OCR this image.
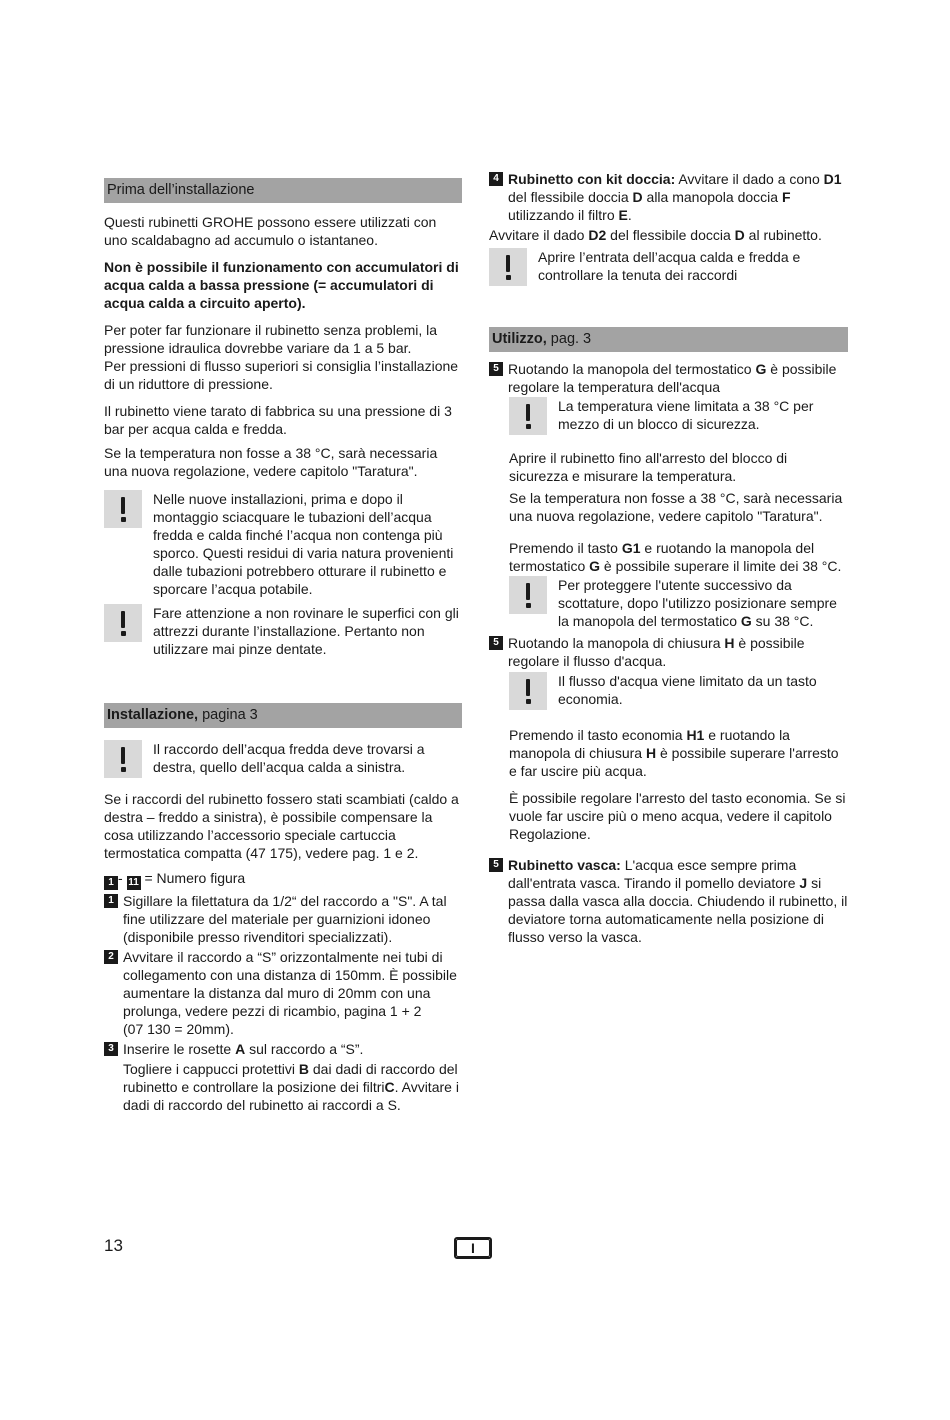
Prima dell’installazione

Questi rubinetti GROHE possono essere utilizzati con uno scaldabagno ad accumulo o istantaneo.

Non è possibile il funzionamento con accumulatori di acqua calda a bassa pressione (= accumulatori di acqua calda a circuito aperto).

Per poter far funzionare il rubinetto senza problemi, la pressione idraulica dovrebbe variare da 1 a 5 bar.

Per pressioni di flusso superiori si consiglia l’installazione di un riduttore di pressione.

Il rubinetto viene tarato di fabbrica su una pressione di 3 bar per acqua calda e fredda.

Se la temperatura non fosse a 38 °C, sarà necessaria una nuova regolazione, vedere capitolo "Taratura".

Nelle nuove installazioni, prima e dopo il montaggio sciacquare le tubazioni dell’acqua fredda e calda finché l’acqua non contenga più sporco. Questi residui di varia natura provenienti dalle tubazioni potrebbero otturare il rubinetto e sporcare l’acqua potabile.

Fare attenzione a non rovinare le superfici con gli attrezzi durante l’installazione. Pertanto non utilizzare mai pinze dentate.

Installazione, pagina 3

Il raccordo dell’acqua fredda deve trovarsi a destra, quello dell’acqua calda a sinistra.

Se i raccordi del rubinetto fossero stati scambiati (caldo a destra – freddo a sinistra), è possibile compensare la cosa utilizzando l’accessorio speciale cartuccia termostatica compatta (47 175), vedere pag. 1 e 2.

1 - 11 = Numero figura

1 Sigillare la filettatura da 1/2“ del raccordo a "S". A tal fine utilizzare del materiale per guarnizioni idoneo (disponibile presso rivenditori specializzati).

2 Avvitare il raccordo a “S” orizzontalmente nei tubi di collegamento con una distanza di 150mm. È possibile aumentare la distanza dal muro di 20mm con una prolunga, vedere pezzi di ricambio, pagina 1 + 2

(07 130 = 20mm).

3 Inserire le rosette A sul raccordo a “S”.

Togliere i cappucci protettivi B dai dadi di raccordo del rubinetto e controllare la posizione dei filtriC. Avvitare i dadi di raccordo del rubinetto ai raccordi a S.

4 Rubinetto con kit doccia: Avvitare il dado a cono D1 del flessibile doccia D alla manopola doccia F utilizzando il filtro E.

Avvitare il dado D2 del flessibile doccia D al rubinetto.

Aprire l’entrata dell’acqua calda e fredda e controllare la tenuta dei raccordi

Utilizzo, pag. 3
5 Ruotando la manopola del termostatico G è possibile regolare la temperatura dell'acqua

La temperatura viene limitata a 38 °C per mezzo di un blocco di sicurezza.

Aprire il rubinetto fino all'arresto del blocco di sicurezza e misurare la temperatura.

Se la temperatura non fosse a 38 °C, sarà necessaria una nuova regolazione, vedere capitolo "Taratura".

Premendo il tasto G1 e ruotando la manopola del termostatico G è possibile superare il limite dei 38 °C.

Per proteggere l'utente successivo da scottature, dopo l'utilizzo posizionare sempre la manopola del termostatico G su 38 °C.

5 Ruotando la manopola di chiusura H è possibile regolare il flusso d'acqua.

Il flusso d'acqua viene limitato da un tasto economia.

Premendo il tasto economia H1 e ruotando la manopola di chiusura H è possibile superare l'arresto e far uscire più acqua.

È possibile regolare l'arresto del tasto economia. Se si vuole far uscire più o meno acqua, vedere il capitolo Regolazione.

5 Rubinetto vasca: L'acqua esce sempre prima dall'entrata vasca. Tirando il pomello deviatore J si passa dalla vasca alla doccia. Chiudendo il rubinetto, il deviatore torna automaticamente nella posizione di flusso verso la vasca.

13	I
